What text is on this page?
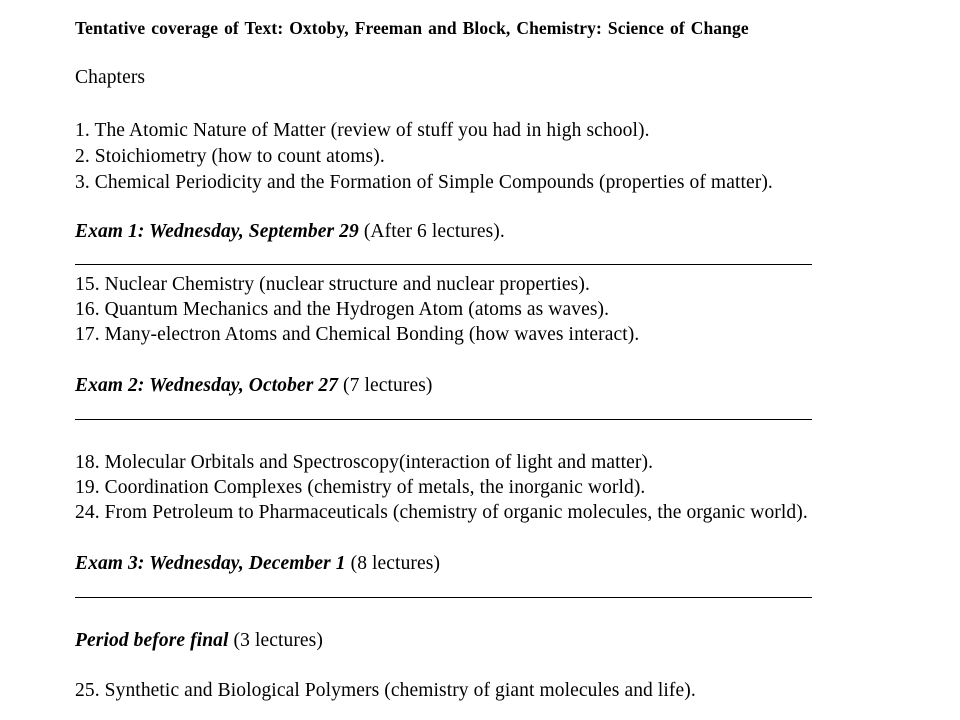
Tentative coverage of Text: Oxtoby, Freeman and Block, Chemistry: Science of Change
Chapters
1. The Atomic Nature of Matter (review of stuff you had in high school).
2. Stoichiometry (how to count atoms).
3. Chemical Periodicity and the Formation of Simple Compounds (properties of matter).
Exam 1: Wednesday, September 29 (After 6 lectures).
15. Nuclear Chemistry (nuclear structure and nuclear properties).
16. Quantum Mechanics and the Hydrogen Atom (atoms as waves).
17. Many-electron Atoms and Chemical Bonding (how waves interact).
Exam 2: Wednesday, October 27 (7 lectures)
18. Molecular Orbitals and Spectroscopy(interaction of light and matter).
19. Coordination Complexes (chemistry of metals, the inorganic world).
24. From Petroleum to Pharmaceuticals (chemistry of organic molecules, the organic world).
Exam 3: Wednesday, December 1 (8 lectures)
Period before final (3 lectures)
25. Synthetic and Biological Polymers (chemistry of giant molecules and life).
